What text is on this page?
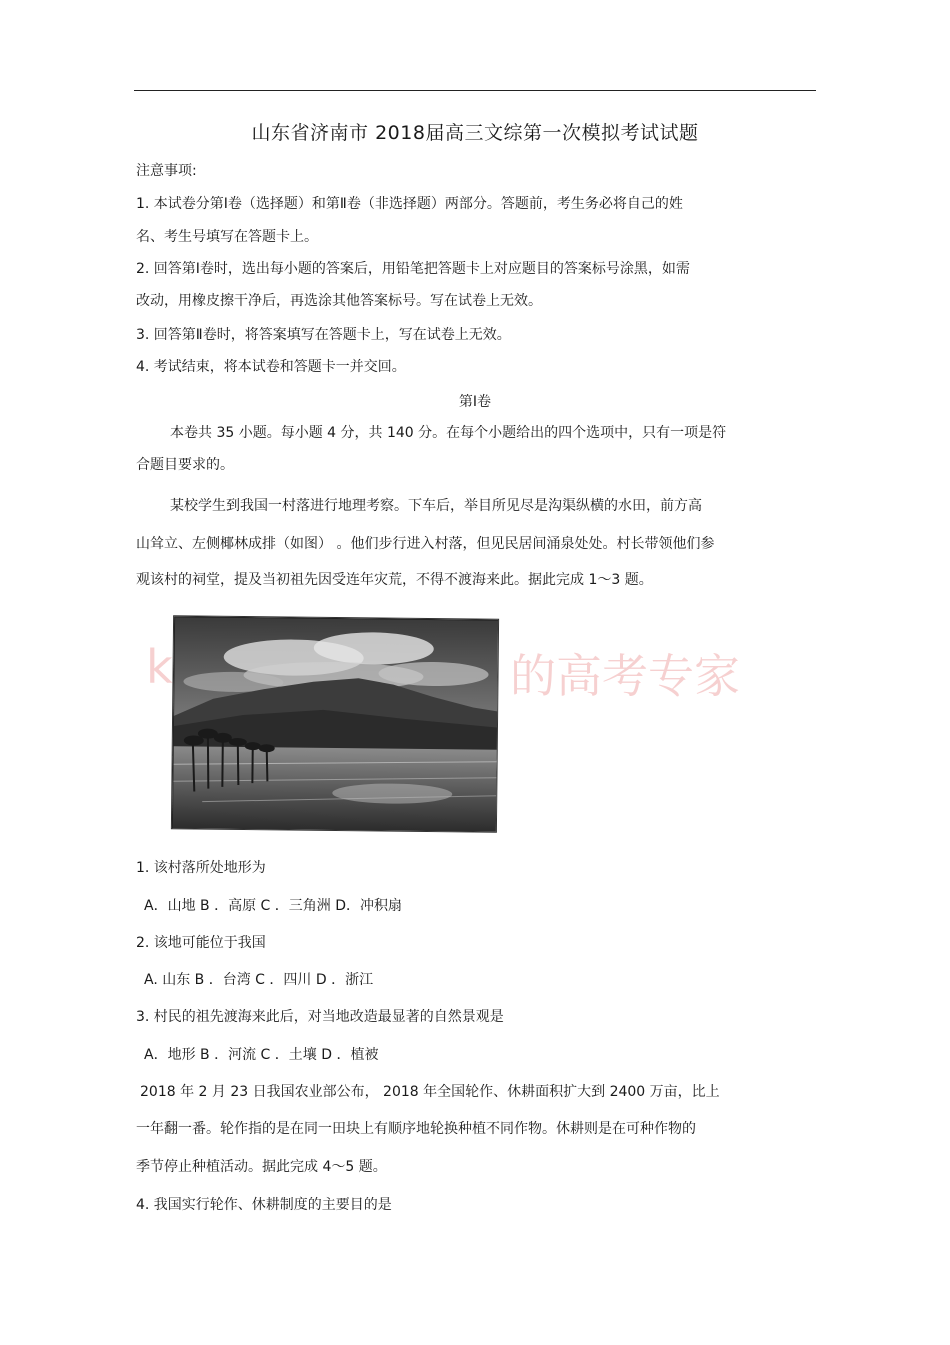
山东省济南市 2018届高三文综第一次模拟考试试题
注意事项:
1. 本试卷分第Ⅰ卷（选择题）和第Ⅱ卷（非选择题）两部分。答题前，考生务必将自己的姓
名、考生号填写在答题卡上。
2. 回答第Ⅰ卷时，选出每小题的答案后，用铅笔把答题卡上对应题目的答案标号涂黑，如需
改动，用橡皮擦干净后，再选涂其他答案标号。写在试卷上无效。
3. 回答第Ⅱ卷时，将答案填写在答题卡上，写在试卷上无效。
4. 考试结束，将本试卷和答题卡一并交回。
第Ⅰ卷
本卷共 35 小题。每小题 4 分，共 140 分。在每个小题给出的四个选项中，只有一项是符
合题目要求的。
某校学生到我国一村落进行地理考察。下车后，举目所见尽是沟渠纵横的水田，前方高
山耸立、左侧椰林成排（如图） 。他们步行进入村落，但见民居间涌泉处处。村长带领他们参
观该村的祠堂，提及当初祖先因受连年灾荒，不得不渡海来此。据此完成 1～3 题。
k	的高考专家
1. 该村落所处地形为
A．山地 B ．高原 C ．三角洲 D．冲积扇
2. 该地可能位于我国
A. 山东 B ．台湾 C ．四川 D ．浙江
3. 村民的祖先渡海来此后，对当地改造最显著的自然景观是
A．地形 B ．河流 C ．土壤 D ．植被
2018 年 2 月 23 日我国农业部公布， 2018 年全国轮作、休耕面积扩大到 2400 万亩，比上
一年翻一番。轮作指的是在同一田块上有顺序地轮换种植不同作物。休耕则是在可种作物的
季节停止种植活动。据此完成 4～5 题。
4. 我国实行轮作、休耕制度的主要目的是
